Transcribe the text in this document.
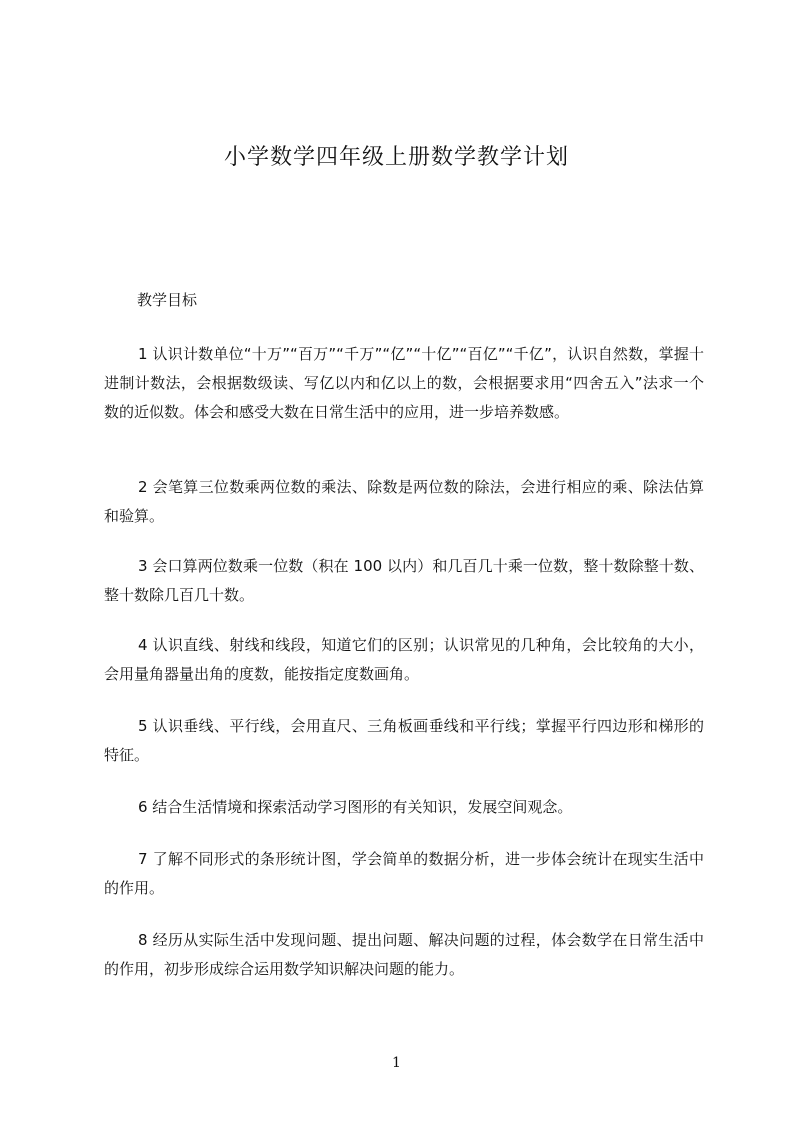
小学数学四年级上册数学教学计划

教学目标

1 认识计数单位“十万”“百万”“千万”“亿”“十亿”“百亿”“千亿”，认识自然数，掌握十进制计数法，会根据数级读、写亿以内和亿以上的数，会根据要求用“四舍五入”法求一个数的近似数。体会和感受大数在日常生活中的应用，进一步培养数感。

2 会笔算三位数乘两位数的乘法、除数是两位数的除法，会进行相应的乘、除法估算和验算。

3 会口算两位数乘一位数（积在 100 以内）和几百几十乘一位数，整十数除整十数、整十数除几百几十数。

4 认识直线、射线和线段，知道它们的区别；认识常见的几种角，会比较角的大小，会用量角器量出角的度数，能按指定度数画角。

5 认识垂线、平行线，会用直尺、三角板画垂线和平行线；掌握平行四边形和梯形的特征。

6 结合生活情境和探索活动学习图形的有关知识，发展空间观念。

7 了解不同形式的条形统计图，学会简单的数据分析，进一步体会统计在现实生活中的作用。

8 经历从实际生活中发现问题、提出问题、解决问题的过程，体会数学在日常生活中的作用，初步形成综合运用数学知识解决问题的能力。

1
